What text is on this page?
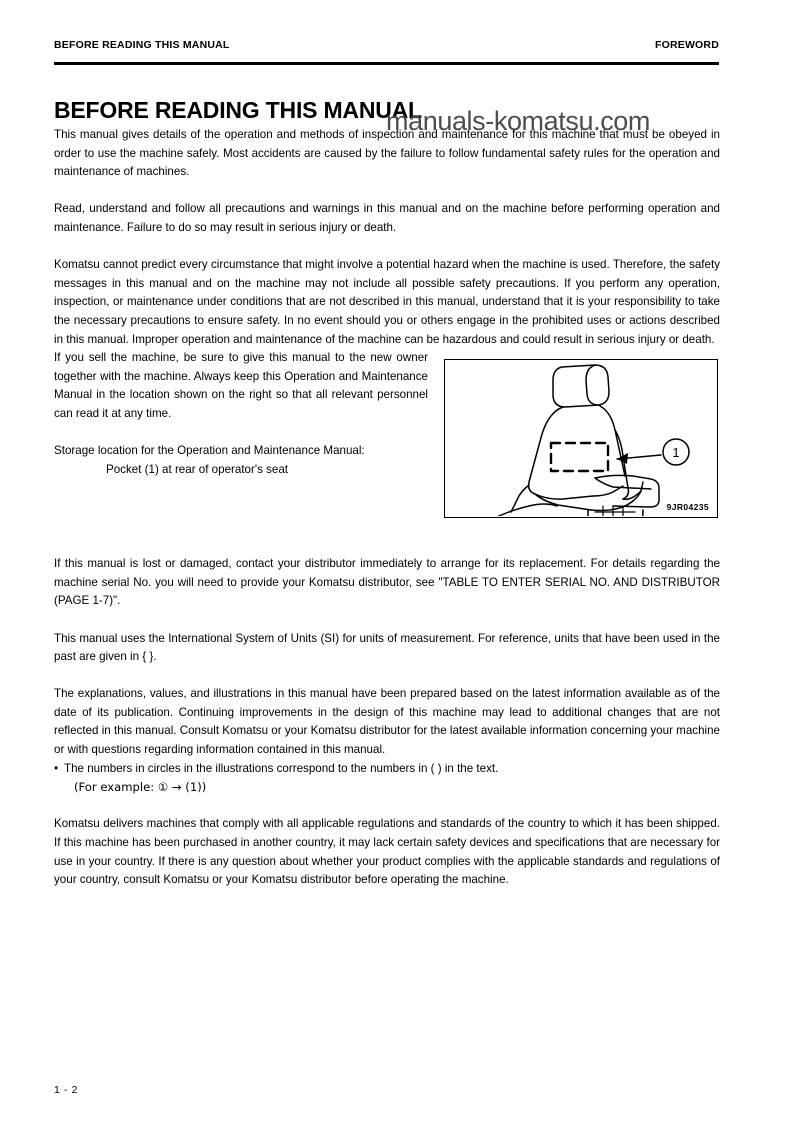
BEFORE READING THIS MANUAL	FOREWORD
BEFORE READING THIS MANUAL
manuals-komatsu.com

This manual gives details of the operation and methods of inspection and maintenance for this machine that must be obeyed in order to use the machine safely. Most accidents are caused by the failure to follow fundamental safety rules for the operation and maintenance of machines.

Read, understand and follow all precautions and warnings in this manual and on the machine before performing operation and maintenance. Failure to do so may result in serious injury or death.

Komatsu cannot predict every circumstance that might involve a potential hazard when the machine is used. Therefore, the safety messages in this manual and on the machine may not include all possible safety precautions. If you perform any operation, inspection, or maintenance under conditions that are not described in this manual, understand that it is your responsibility to take the necessary precautions to ensure safety. In no event should you or others engage in the prohibited uses or actions described in this manual. Improper operation and maintenance of the machine can be hazardous and could result in serious injury or death.

1
9JR04235

If you sell the machine, be sure to give this manual to the new owner together with the machine. Always keep this Operation and Maintenance Manual in the location shown on the right so that all relevant personnel can read it at any time.

Storage location for the Operation and Maintenance Manual:
Pocket (1) at rear of operator's seat

If this manual is lost or damaged, contact your distributor immediately to arrange for its replacement. For details regarding the machine serial No. you will need to provide your Komatsu distributor, see "TABLE TO ENTER SERIAL NO. AND DISTRIBUTOR (PAGE 1-7)".

This manual uses the International System of Units (SI) for units of measurement. For reference, units that have been used in the past are given in { }.

The explanations, values, and illustrations in this manual have been prepared based on the latest information available as of the date of its publication. Continuing improvements in the design of this machine may lead to additional changes that are not reflected in this manual. Consult Komatsu or your Komatsu distributor for the latest available information concerning your machine or with questions regarding information contained in this manual.

• The numbers in circles in the illustrations correspond to the numbers in ( ) in the text.
(For example: ① → (1))

Komatsu delivers machines that comply with all applicable regulations and standards of the country to which it has been shipped. If this machine has been purchased in another country, it may lack certain safety devices and specifications that are necessary for use in your country. If there is any question about whether your product complies with the applicable standards and regulations of your country, consult Komatsu or your Komatsu distributor before operating the machine.

1 - 2
